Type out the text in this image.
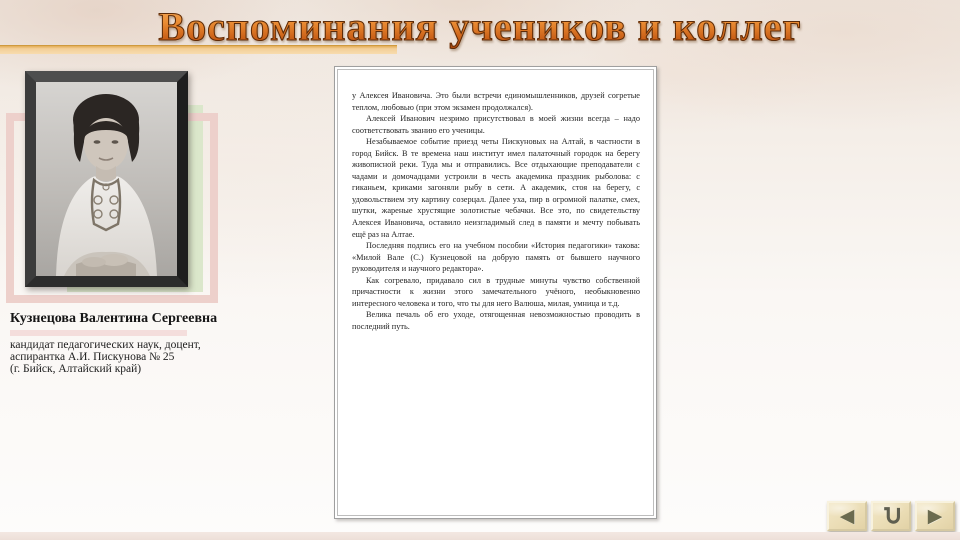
Воспоминания учеников и коллег
Кузнецова Валентина Сергеевна
кандидат педагогических наук, доцент,
аспирантка А.И. Пискунова № 25
(г. Бийск, Алтайский край)

у Алексея Ивановича. Это были встречи единомышленников, друзей согретые теплом, любовью (при этом экзамен продолжался).

Алексей Иванович незримо присутствовал в моей жизни всегда – надо соответствовать званию его ученицы.

Незабываемое событие приезд четы Пискуновых на Алтай, в частности в город Бийск. В те времена наш институт имел палаточный городок на берегу живописной реки. Туда мы и отправились. Все отдыхающие преподаватели с чадами и домочадцами устроили в честь академика праздник рыболова: с гиканьем, криками загоняли рыбу в сети. А академик, стоя на берегу, с удовольствием эту картину созерцал. Далее уха, пир в огромной палатке, смех, шутки, жареные хрустящие золотистые чебачки. Все это, по свидетельству Алексея Ивановича, оставило неизгладимый след в памяти и мечту побывать ещё раз на Алтае.

Последняя подпись его на учебном пособии «История педагогики» такова: «Милой Вале (С.) Кузнецовой на добрую память от бывшего научного руководителя и научного редактора».

Как согревало, придавало сил в трудные минуты чувство собственной причастности к жизни этого замечательного учёного, необыкновенно интересного человека и того, что ты для него Валюша, милая, умница и т.д.

Велика печаль об его уходе, отягощенная невозможностью проводить в последний путь.

◀	▶
